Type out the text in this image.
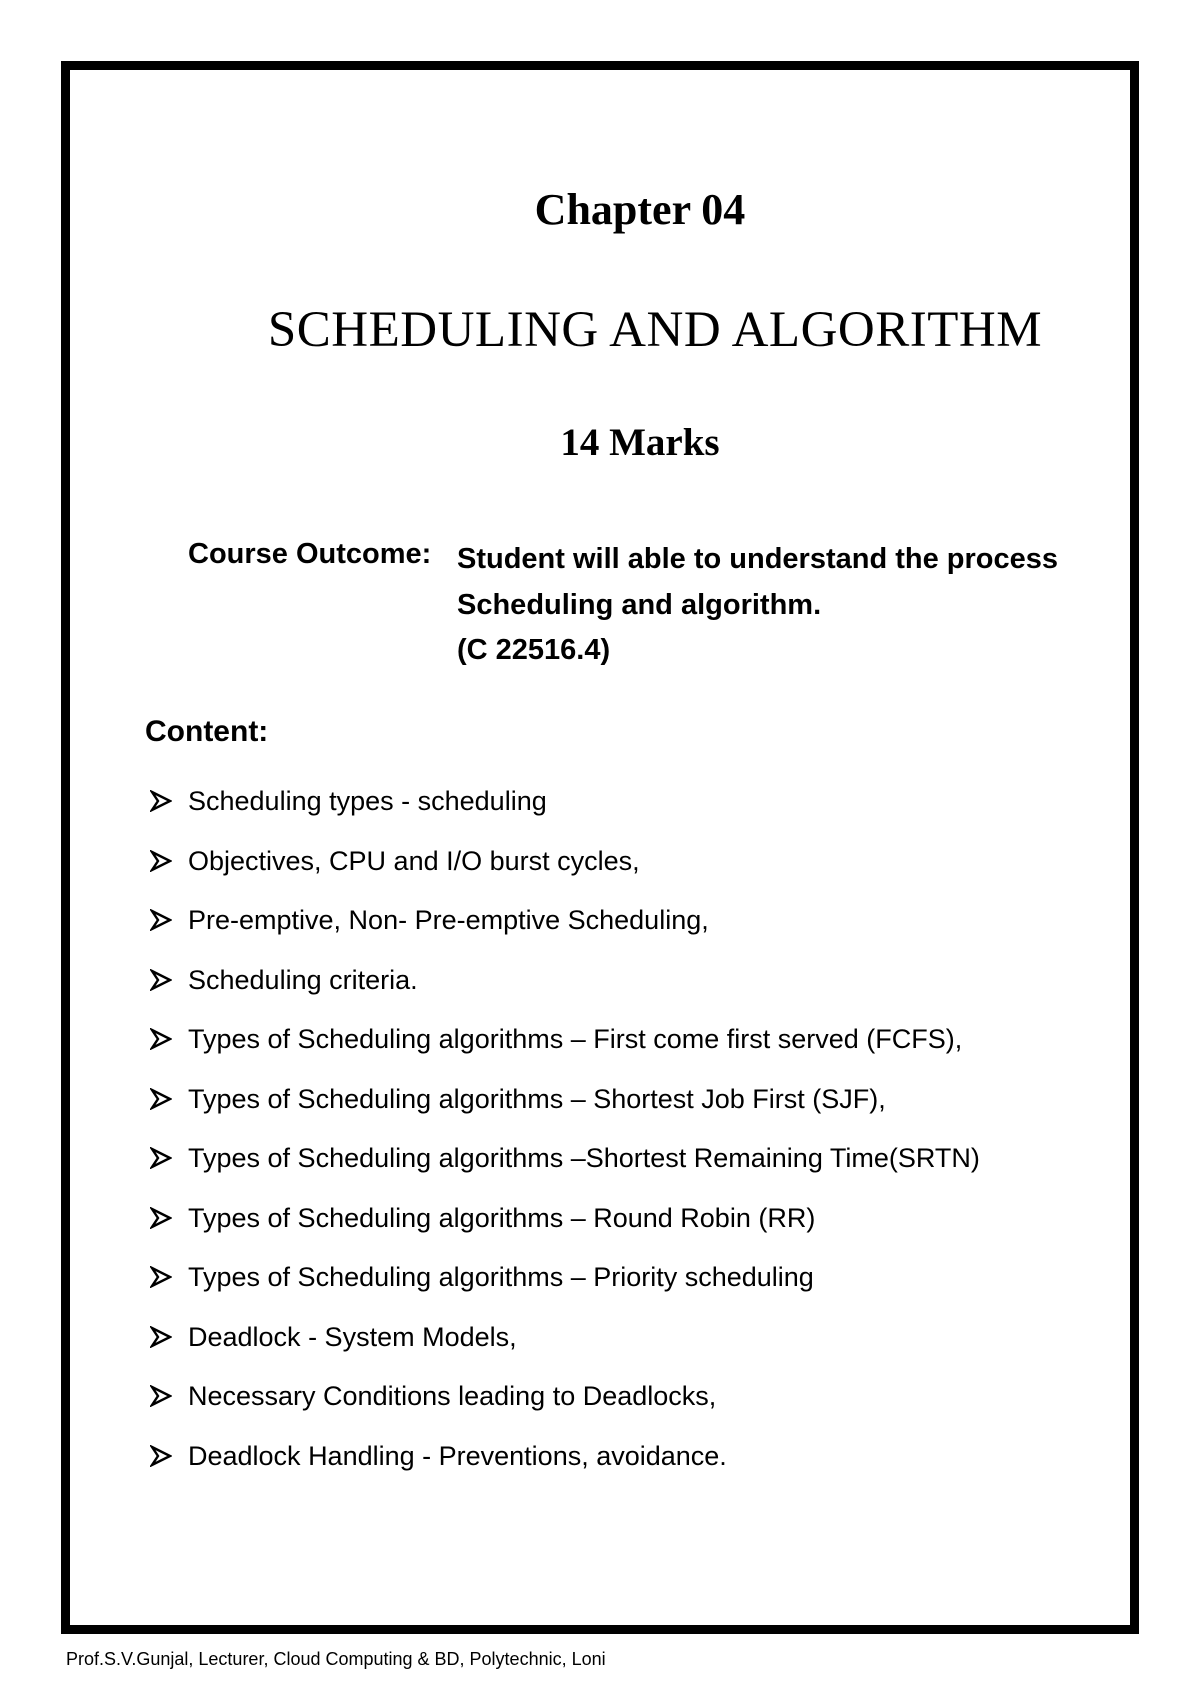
Chapter 04
SCHEDULING AND ALGORITHM
14 Marks
Course Outcome: Student will able to understand the process
Scheduling and algorithm.
(C 22516.4)
Content:
Scheduling types - scheduling
Objectives, CPU and I/O burst cycles,
Pre-emptive, Non- Pre-emptive Scheduling,
Scheduling criteria.
Types of Scheduling algorithms – First come first served (FCFS),
Types of Scheduling algorithms – Shortest Job First (SJF),
Types of Scheduling algorithms –Shortest Remaining Time(SRTN)
Types of Scheduling algorithms – Round Robin (RR)
Types of Scheduling algorithms – Priority scheduling
Deadlock - System Models,
Necessary Conditions leading to Deadlocks,
Deadlock Handling - Preventions, avoidance.
Prof.S.V.Gunjal, Lecturer, Cloud Computing & BD, Polytechnic, Loni
